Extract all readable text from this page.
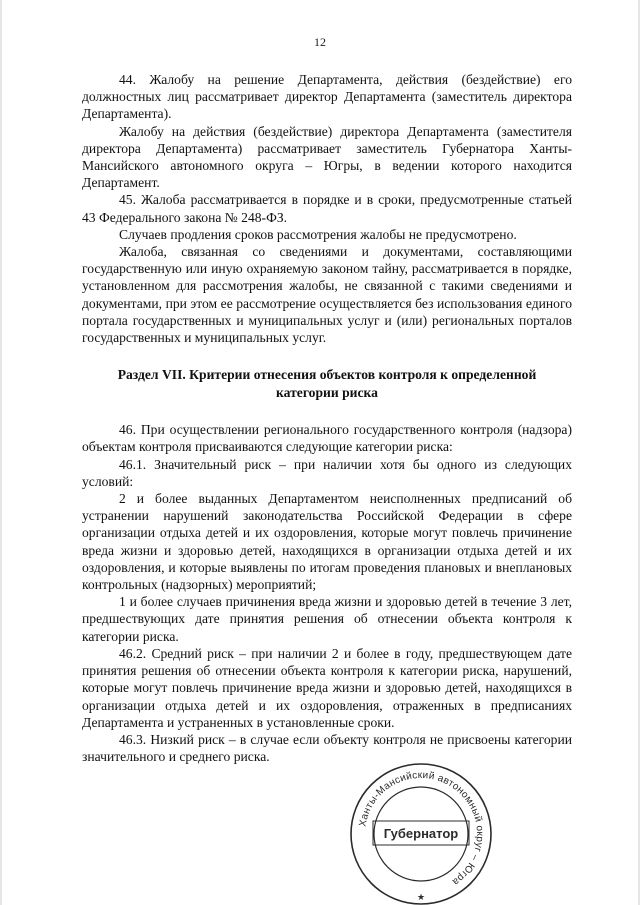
12

44. Жалобу на решение Департамента, действия (бездействие) его должностных лиц рассматривает директор Департамента (заместитель директора Департамента).

Жалобу на действия (бездействие) директора Департамента (заместителя директора Департамента) рассматривает заместитель Губернатора Ханты-Мансийского автономного округа – Югры, в ведении которого находится Департамент.

45. Жалоба рассматривается в порядке и в сроки, предусмотренные статьей 43 Федерального закона № 248-ФЗ.

Случаев продления сроков рассмотрения жалобы не предусмотрено.

Жалоба, связанная со сведениями и документами, составляющими государственную или иную охраняемую законом тайну, рассматривается в порядке, установленном для рассмотрения жалобы, не связанной с такими сведениями и документами, при этом ее рассмотрение осуществляется без использования единого портала государственных и муниципальных услуг и (или) региональных порталов государственных и муниципальных услуг.

Раздел VII. Критерии отнесения объектов контроля к определенной
категории риска

46. При осуществлении регионального государственного контроля (надзора) объектам контроля присваиваются следующие категории риска:

46.1. Значительный риск – при наличии хотя бы одного из следующих условий:

2 и более выданных Департаментом неисполненных предписаний об устранении нарушений законодательства Российской Федерации в сфере организации отдыха детей и их оздоровления, которые могут повлечь причинение вреда жизни и здоровью детей, находящихся в организации отдыха детей и их оздоровления, и которые выявлены по итогам проведения плановых и внеплановых контрольных (надзорных) мероприятий;

1 и более случаев причинения вреда жизни и здоровью детей в течение 3 лет, предшествующих дате принятия решения об отнесении объекта контроля к категории риска.

46.2. Средний риск – при наличии 2 и более в году, предшествующем дате принятия решения об отнесении объекта контроля к категории риска, нарушений, которые могут повлечь причинение вреда жизни и здоровью детей, находящихся в организации отдыха детей и их оздоровления, отраженных в предписаниях Департамента и устраненных в установленные сроки.

46.3. Низкий риск – в случае если объекту контроля не присвоены категории значительного и среднего риска.

Ханты-Мансийский автономный округ – Югра
Губернатор
★
